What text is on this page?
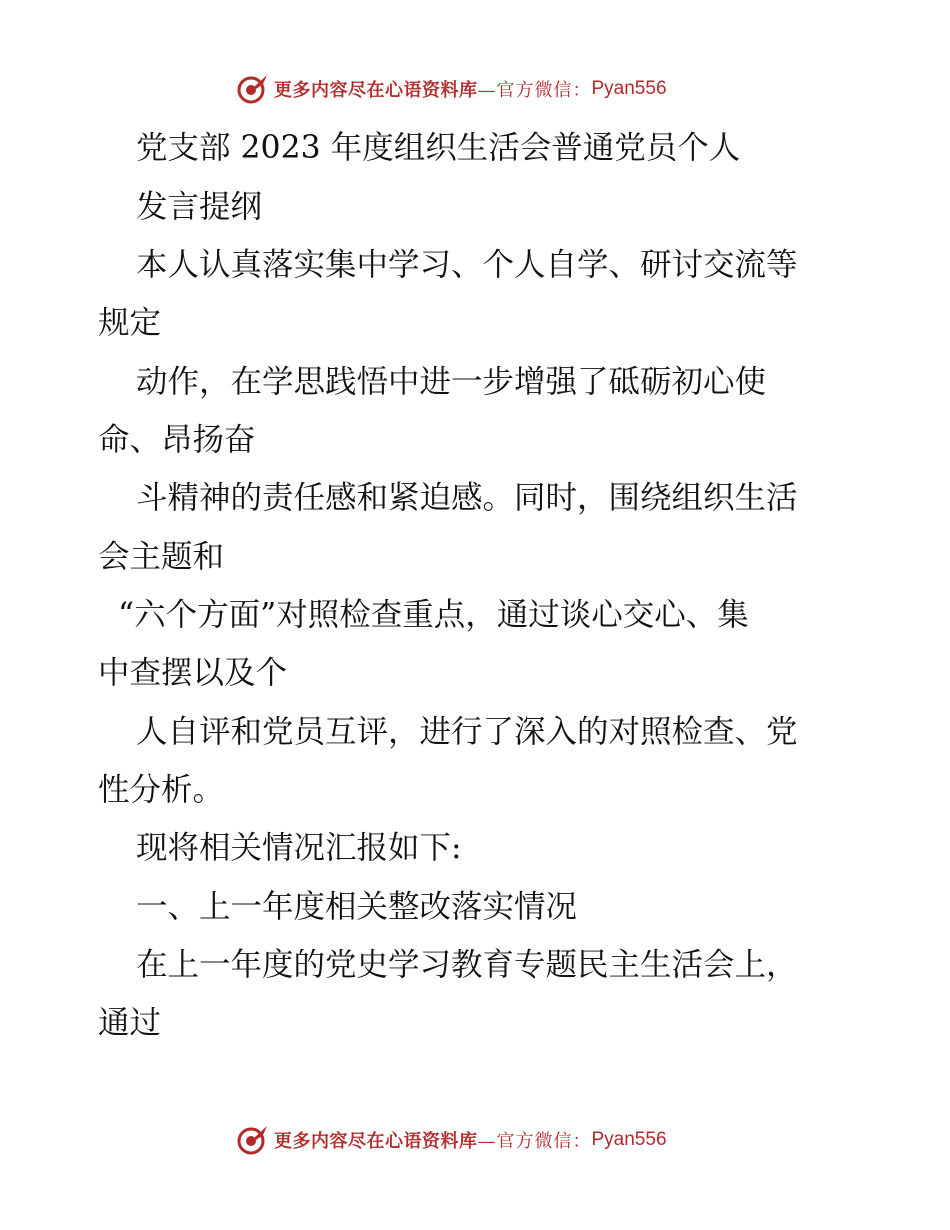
更多内容尽在心语资料库 —官方微信： Pyan556
党支部 2023 年度组织生活会普通党员个人
发言提纲
本人认真落实集中学习、个人自学、研讨交流等
规定
动作，在学思践悟中进一步增强了砥砺初心使
命、昂扬奋
斗精神的责任感和紧迫感。同时，围绕组织生活
会主题和
“六个方面”对照检查重点，通过谈心交心、集
中查摆以及个
人自评和党员互评，进行了深入的对照检查、党
性分析。
现将相关情况汇报如下:
一、上一年度相关整改落实情况
在上一年度的党史学习教育专题民主生活会上，
通过
更多内容尽在心语资料库 —官方微信： Pyan556
